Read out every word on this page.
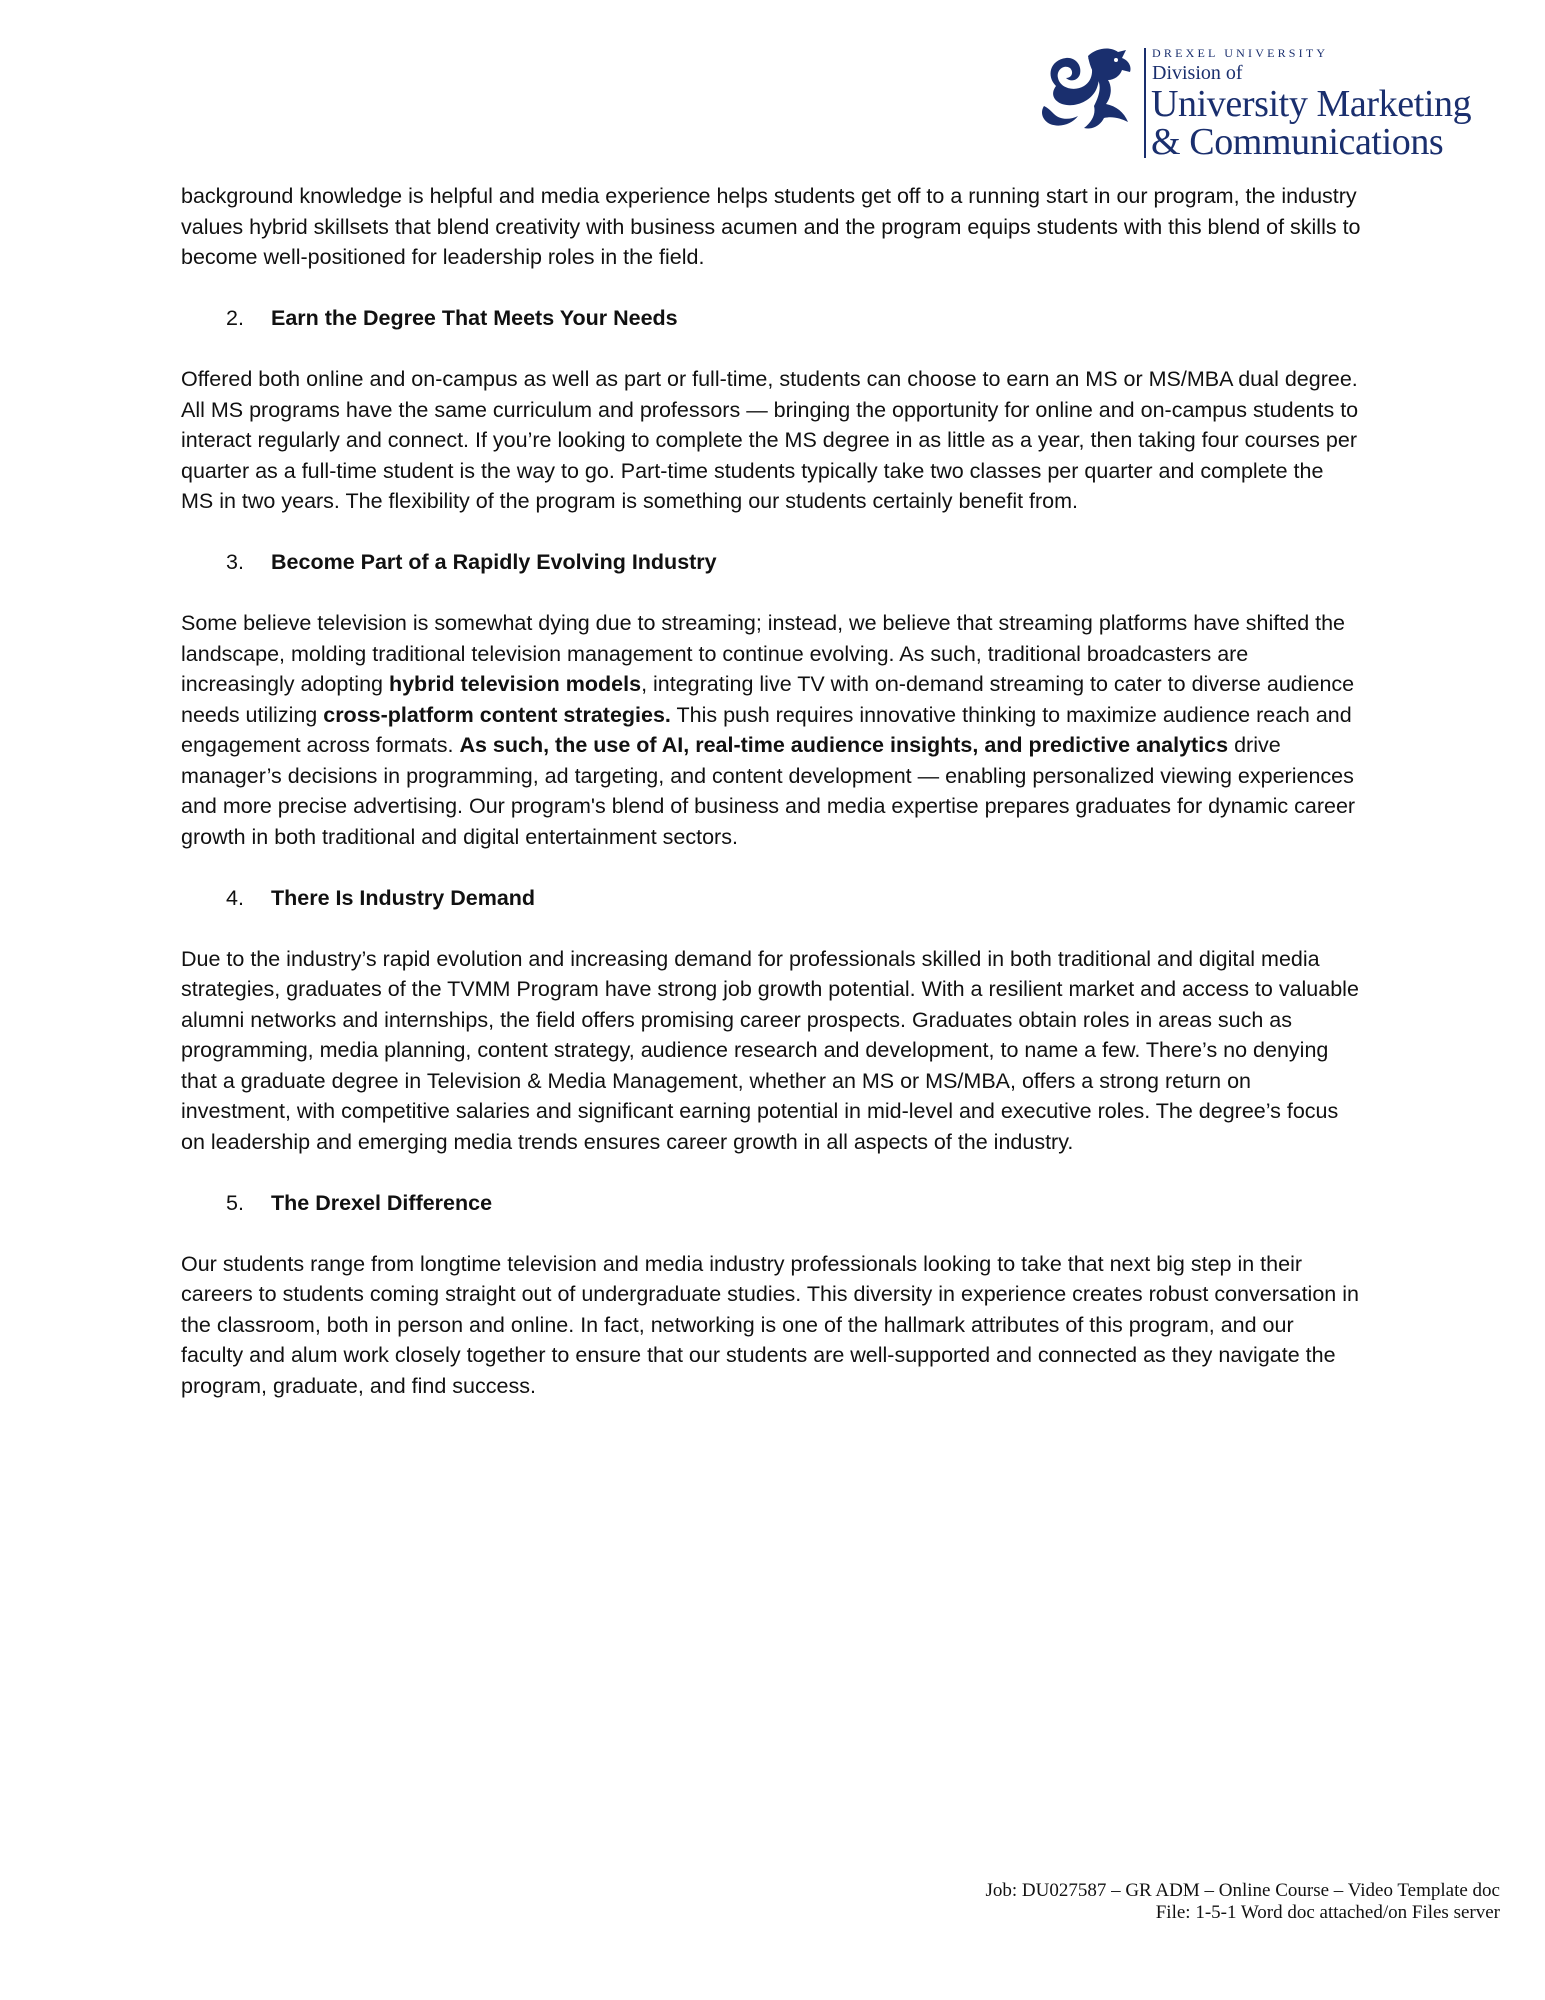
DREXEL UNIVERSITY
Division of
University Marketing
& Communications

background knowledge is helpful and media experience helps students get off to a running start in our program, the industry values hybrid skillsets that blend creativity with business acumen and the program equips students with this blend of skills to become well-positioned for leadership roles in the field.

2. Earn the Degree That Meets Your Needs

Offered both online and on-campus as well as part or full-time, students can choose to earn an MS or MS/MBA dual degree. All MS programs have the same curriculum and professors — bringing the opportunity for online and on-campus students to interact regularly and connect. If you’re looking to complete the MS degree in as little as a year, then taking four courses per quarter as a full-time student is the way to go. Part-time students typically take two classes per quarter and complete the MS in two years. The flexibility of the program is something our students certainly benefit from.

3. Become Part of a Rapidly Evolving Industry

Some believe television is somewhat dying due to streaming; instead, we believe that streaming platforms have shifted the landscape, molding traditional television management to continue evolving. As such, traditional broadcasters are increasingly adopting hybrid television models, integrating live TV with on-demand streaming to cater to diverse audience needs utilizing cross-platform content strategies. This push requires innovative thinking to maximize audience reach and engagement across formats. As such, the use of AI, real-time audience insights, and predictive analytics drive manager’s decisions in programming, ad targeting, and content development — enabling personalized viewing experiences and more precise advertising. Our program's blend of business and media expertise prepares graduates for dynamic career growth in both traditional and digital entertainment sectors.

4. There Is Industry Demand

Due to the industry’s rapid evolution and increasing demand for professionals skilled in both traditional and digital media strategies, graduates of the TVMM Program have strong job growth potential. With a resilient market and access to valuable alumni networks and internships, the field offers promising career prospects. Graduates obtain roles in areas such as programming, media planning, content strategy, audience research and development, to name a few. There’s no denying that a graduate degree in Television & Media Management, whether an MS or MS/MBA, offers a strong return on investment, with competitive salaries and significant earning potential in mid-level and executive roles. The degree’s focus on leadership and emerging media trends ensures career growth in all aspects of the industry.

5. The Drexel Difference

Our students range from longtime television and media industry professionals looking to take that next big step in their careers to students coming straight out of undergraduate studies. This diversity in experience creates robust conversation in the classroom, both in person and online. In fact, networking is one of the hallmark attributes of this program, and our faculty and alum work closely together to ensure that our students are well-supported and connected as they navigate the program, graduate, and find success.

Job: DU027587 – GR ADM – Online Course – Video Template doc
File: 1-5-1 Word doc attached/on Files server
